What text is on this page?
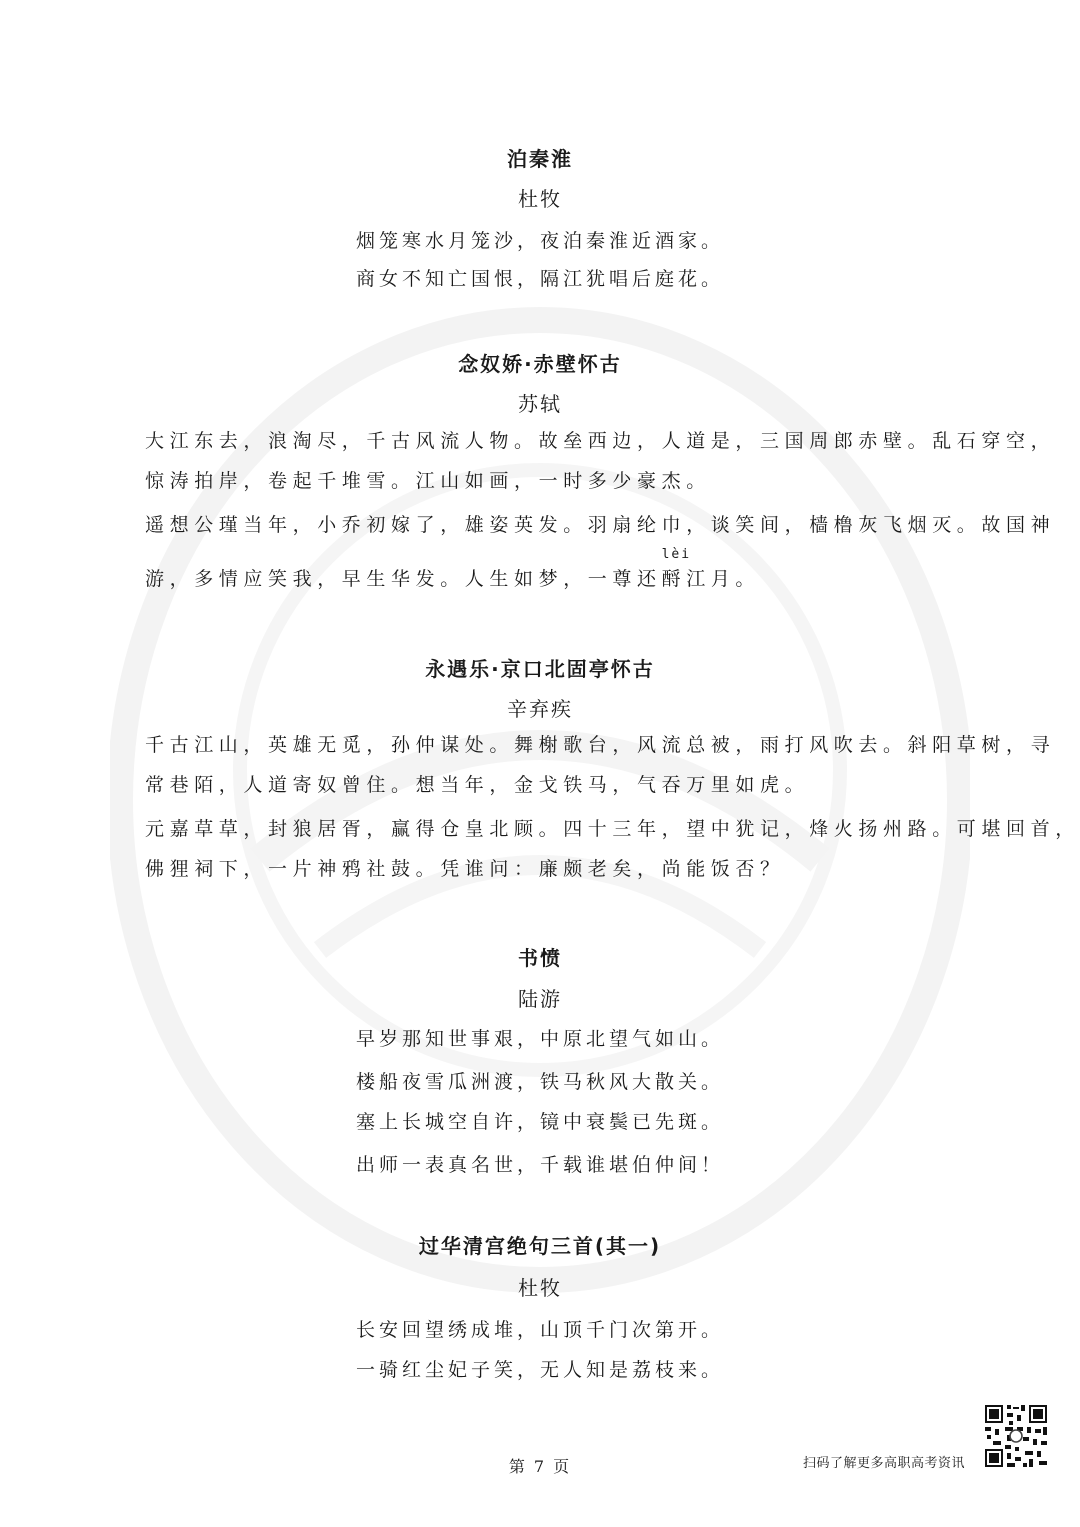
泊秦淮
杜牧
烟笼寒水月笼沙，夜泊秦淮近酒家。
商女不知亡国恨，隔江犹唱后庭花。
念奴娇·赤壁怀古
苏轼
大江东去，浪淘尽，千古风流人物。故垒西边，人道是，三国周郎赤壁。乱石穿空，
惊涛拍岸，卷起千堆雪。江山如画，一时多少豪杰。
遥想公瑾当年，小乔初嫁了，雄姿英发。羽扇纶巾，谈笑间，樯橹灰飞烟灭。故国神
游，多情应笑我，早生华发。人生如梦，一尊还
lèi
酹江月。
永遇乐·京口北固亭怀古
辛弃疾
千古江山，英雄无觅，孙仲谋处。舞榭歌台，风流总被，雨打风吹去。斜阳草树，寻
常巷陌，人道寄奴曾住。想当年，金戈铁马，气吞万里如虎。
元嘉草草，封狼居胥，赢得仓皇北顾。四十三年，望中犹记，烽火扬州路。可堪回首，
佛狸祠下，一片神鸦社鼓。凭谁问：廉颇老矣，尚能饭否？
书愤
陆游
早岁那知世事艰，中原北望气如山。
楼船夜雪瓜洲渡，铁马秋风大散关。
塞上长城空自许，镜中衰鬓已先斑。
出师一表真名世，千载谁堪伯仲间！
过华清宫绝句三首(其一)
杜牧
长安回望绣成堆，山顶千门次第开。
一骑红尘妃子笑，无人知是荔枝来。
第 7 页	扫码了解更多高职高考资讯
